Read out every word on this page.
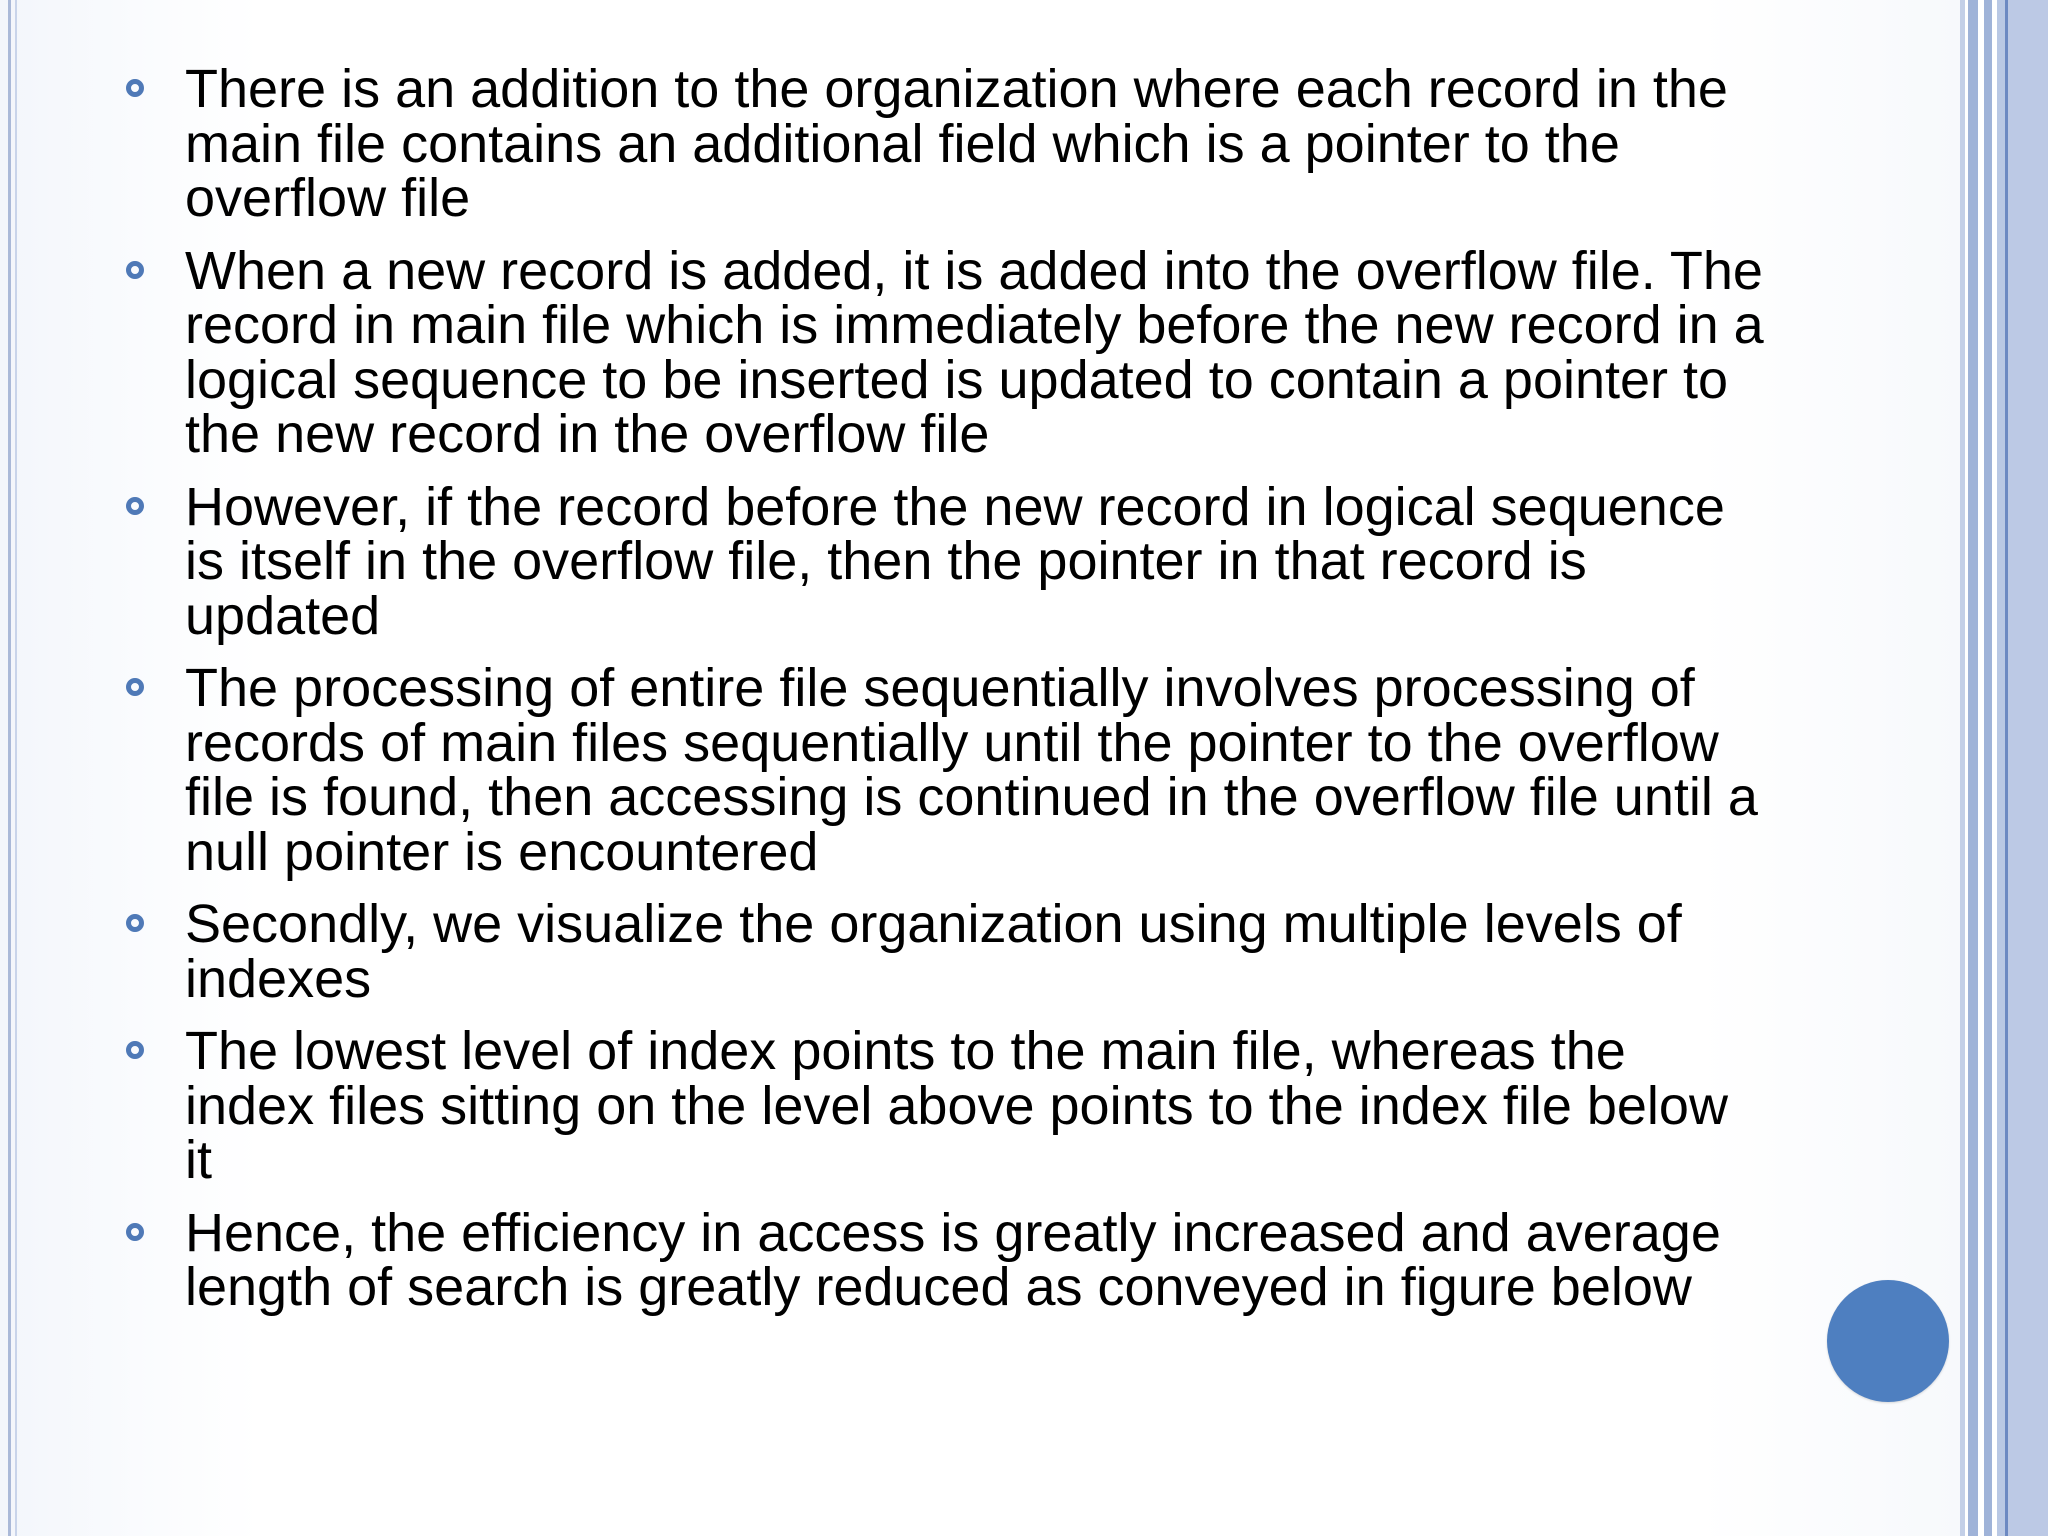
There is an addition to the organization where each record in the main file contains an additional field which is a pointer to the overflow file
When a new record is added, it is added into the overflow file. The record in main file which is immediately before the new record in a logical sequence to be inserted is updated to contain a pointer to the new record in the overflow file
However, if the record before the new record in logical sequence is itself in the overflow file, then the pointer in that record is updated
The processing of entire file sequentially involves processing of records of main files sequentially until the pointer to the overflow file is found, then accessing is continued in the overflow file until a null pointer is encountered
Secondly, we visualize the organization using multiple levels of indexes
The lowest level of index points to the main file, whereas the index files sitting on the level above points to the index file below it
Hence, the efficiency in access is greatly increased and average length of search is greatly reduced as conveyed in figure below
